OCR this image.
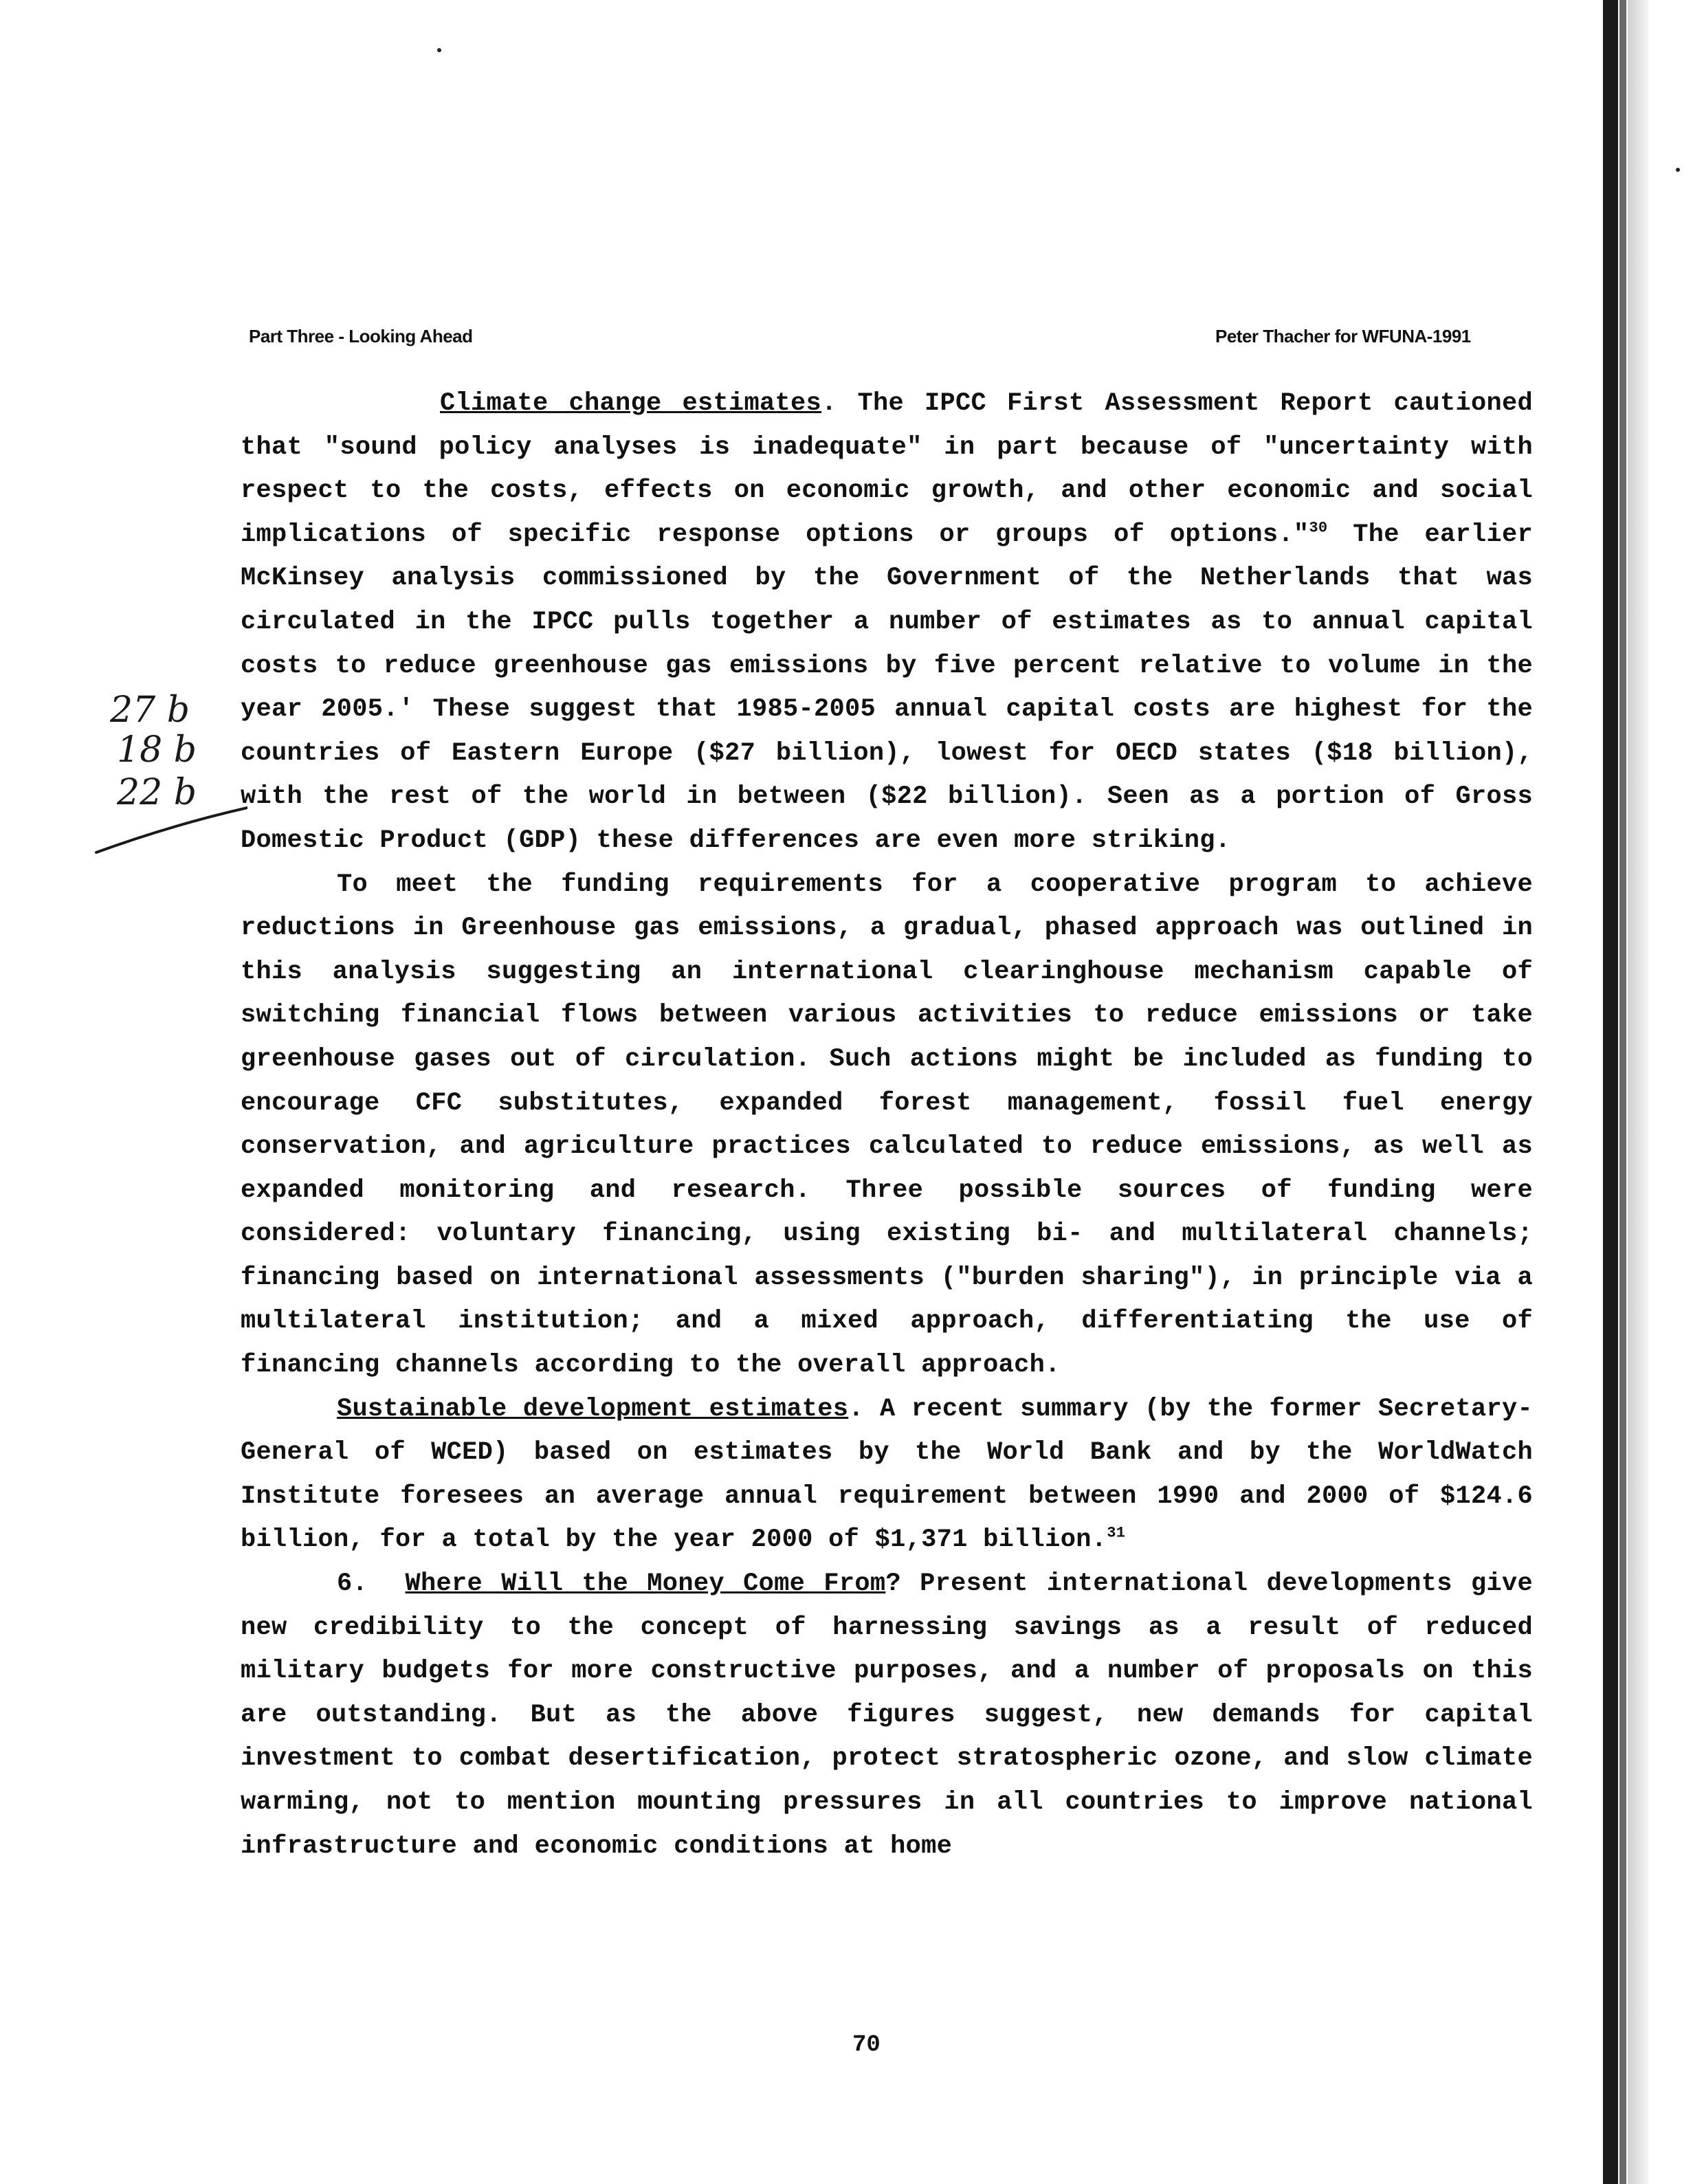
Part Three - Looking Ahead	Peter Thacher for WFUNA-1991

Climate change estimates. The IPCC First Assessment Report cautioned that "sound policy analyses is inadequate" in part because of "uncertainty with respect to the costs, effects on economic growth, and other economic and social implications of specific response options or groups of options."$^{30}$ The earlier McKinsey analysis commissioned by the Government of the Netherlands that was circulated in the IPCC pulls together a number of estimates as to annual capital costs to reduce greenhouse gas emissions by five percent relative to volume in the year 2005.' These suggest that 1985-2005 annual capital costs are highest for the countries of Eastern Europe ($27 billion), lowest for OECD states ($18 billion), with the rest of the world in between ($22 billion). Seen as a portion of Gross Domestic Product (GDP) these differences are even more striking.

To meet the funding requirements for a cooperative program to achieve reductions in Greenhouse gas emissions, a gradual, phased approach was outlined in this analysis suggesting an international clearinghouse mechanism capable of switching financial flows between various activities to reduce emissions or take greenhouse gases out of circulation. Such actions might be included as funding to encourage CFC substitutes, expanded forest management, fossil fuel energy conservation, and agriculture practices calculated to reduce emissions, as well as expanded monitoring and research. Three possible sources of funding were considered: voluntary financing, using existing bi- and multilateral channels; financing based on international assessments ("burden sharing"), in principle via a multilateral institution; and a mixed approach, differentiating the use of financing channels according to the overall approach.

Sustainable development estimates. A recent summary (by the former Secretary-General of WCED) based on estimates by the World Bank and by the WorldWatch Institute foresees an average annual requirement between 1990 and 2000 of $124.6 billion, for a total by the year 2000 of $1,371 billion.$^{31}$

6. Where Will the Money Come From? Present international developments give new credibility to the concept of harnessing savings as a result of reduced military budgets for more constructive purposes, and a number of proposals on this are outstanding. But as the above figures suggest, new demands for capital investment to combat desertification, protect stratospheric ozone, and slow climate warming, not to mention mounting pressures in all countries to improve national infrastructure and economic conditions at home

27 b
18 b
22 b
70
